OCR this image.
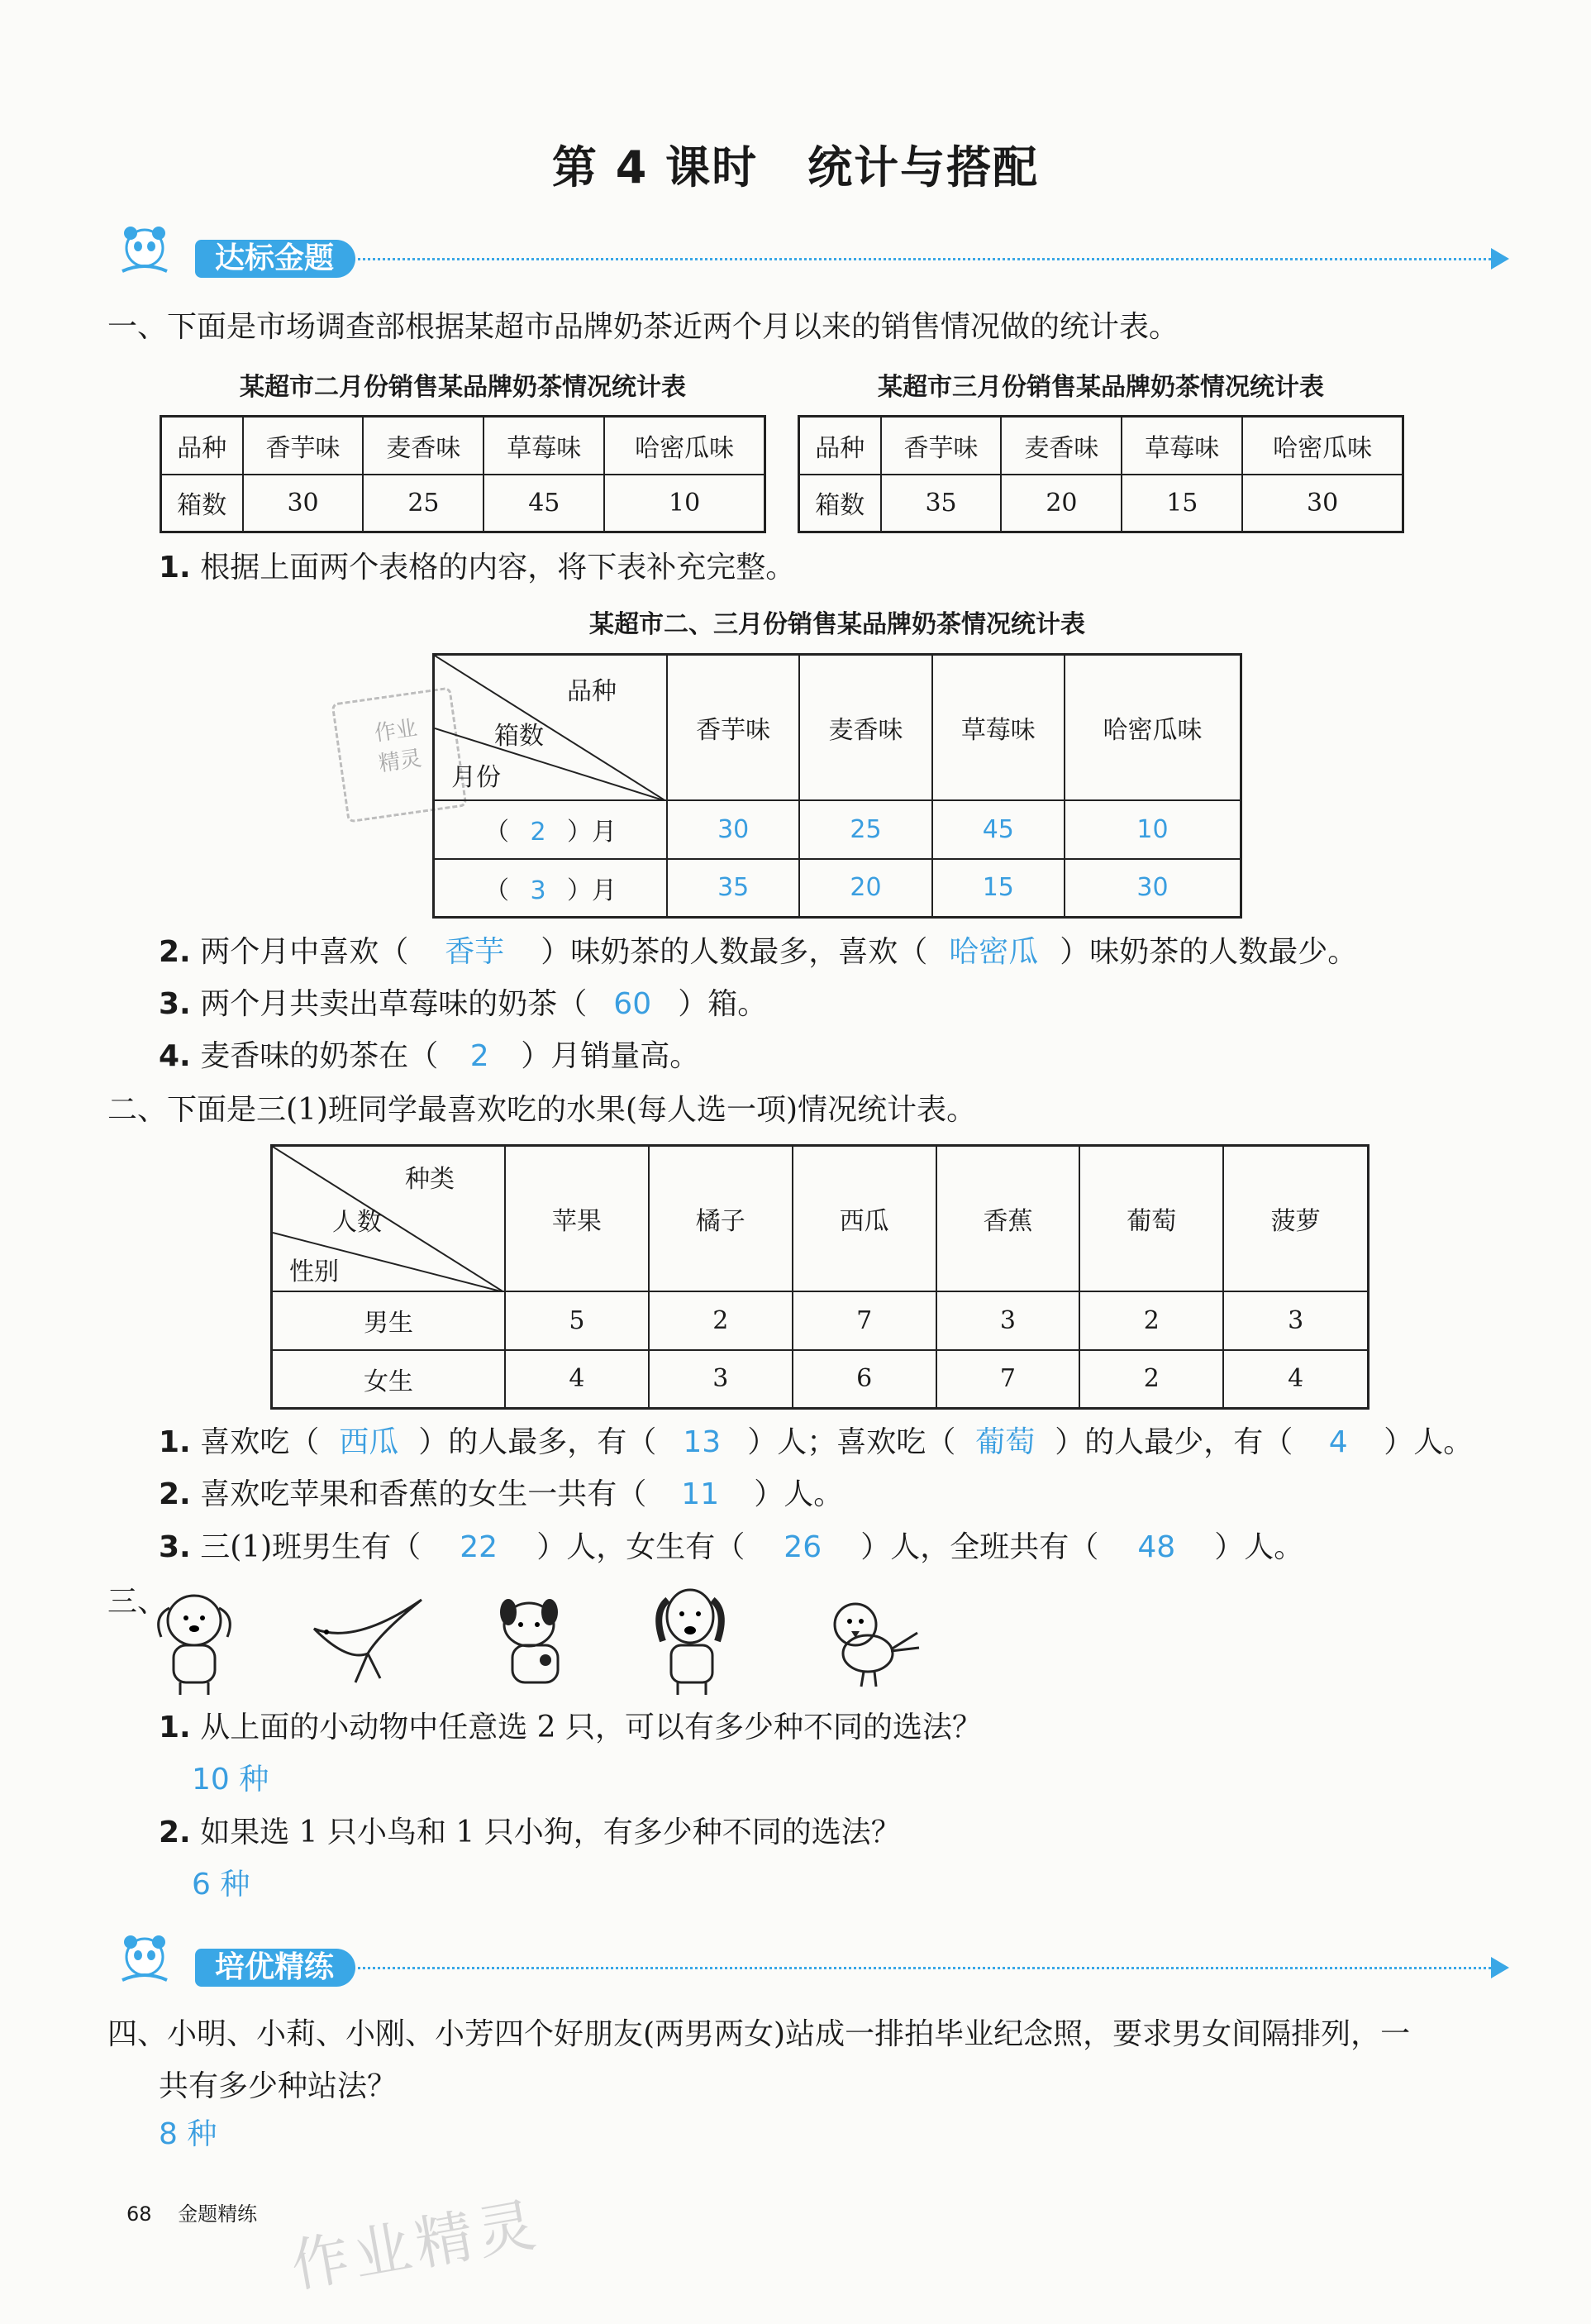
第 4 课时 统计与搭配
达标金题
一、下面是市场调查部根据某超市品牌奶茶近两个月以来的销售情况做的统计表。
某超市二月份销售某品牌奶茶情况统计表
品种	香芋味	麦香味	草莓味	哈密瓜味
箱数	30	25	45	10
某超市三月份销售某品牌奶茶情况统计表
品种	香芋味	麦香味	草莓味	哈密瓜味
箱数	35	20	15	30
1. 根据上面两个表格的内容，将下表补充完整。
某超市二、三月份销售某品牌奶茶情况统计表
作业
精灵
品种
箱数
月份	香芋味	麦香味	草莓味	哈密瓜味
（ 2 ）月	30	25	45	10
（ 3 ）月	35	20	15	30
2. 两个月中喜欢（ 香芋 ）味奶茶的人数最多，喜欢（ 哈密瓜 ）味奶茶的人数最少。
3. 两个月共卖出草莓味的奶茶（ 60 ）箱。
4. 麦香味的奶茶在（ 2 ）月销量高。
二、下面是三(1)班同学最喜欢吃的水果(每人选一项)情况统计表。
种类
人数
性别	苹果	橘子	西瓜	香蕉	葡萄	菠萝
男生	5	2	7	3	2	3
女生	4	3	6	7	2	4
1. 喜欢吃（ 西瓜 ）的人最多，有（ 13 ）人；喜欢吃（ 葡萄 ）的人最少，有（ 4 ）人。
2. 喜欢吃苹果和香蕉的女生一共有（ 11 ）人。
3. 三(1)班男生有（ 22 ）人，女生有（ 26 ）人，全班共有（ 48 ）人。
三、
1. 从上面的小动物中任意选 2 只，可以有多少种不同的选法？
10 种
2. 如果选 1 只小鸟和 1 只小狗，有多少种不同的选法？
6 种
培优精练
四、小明、小莉、小刚、小芳四个好朋友(两男两女)站成一排拍毕业纪念照，要求男女间隔排列，一
共有多少种站法？
8 种
68 金题精练 作业精灵
